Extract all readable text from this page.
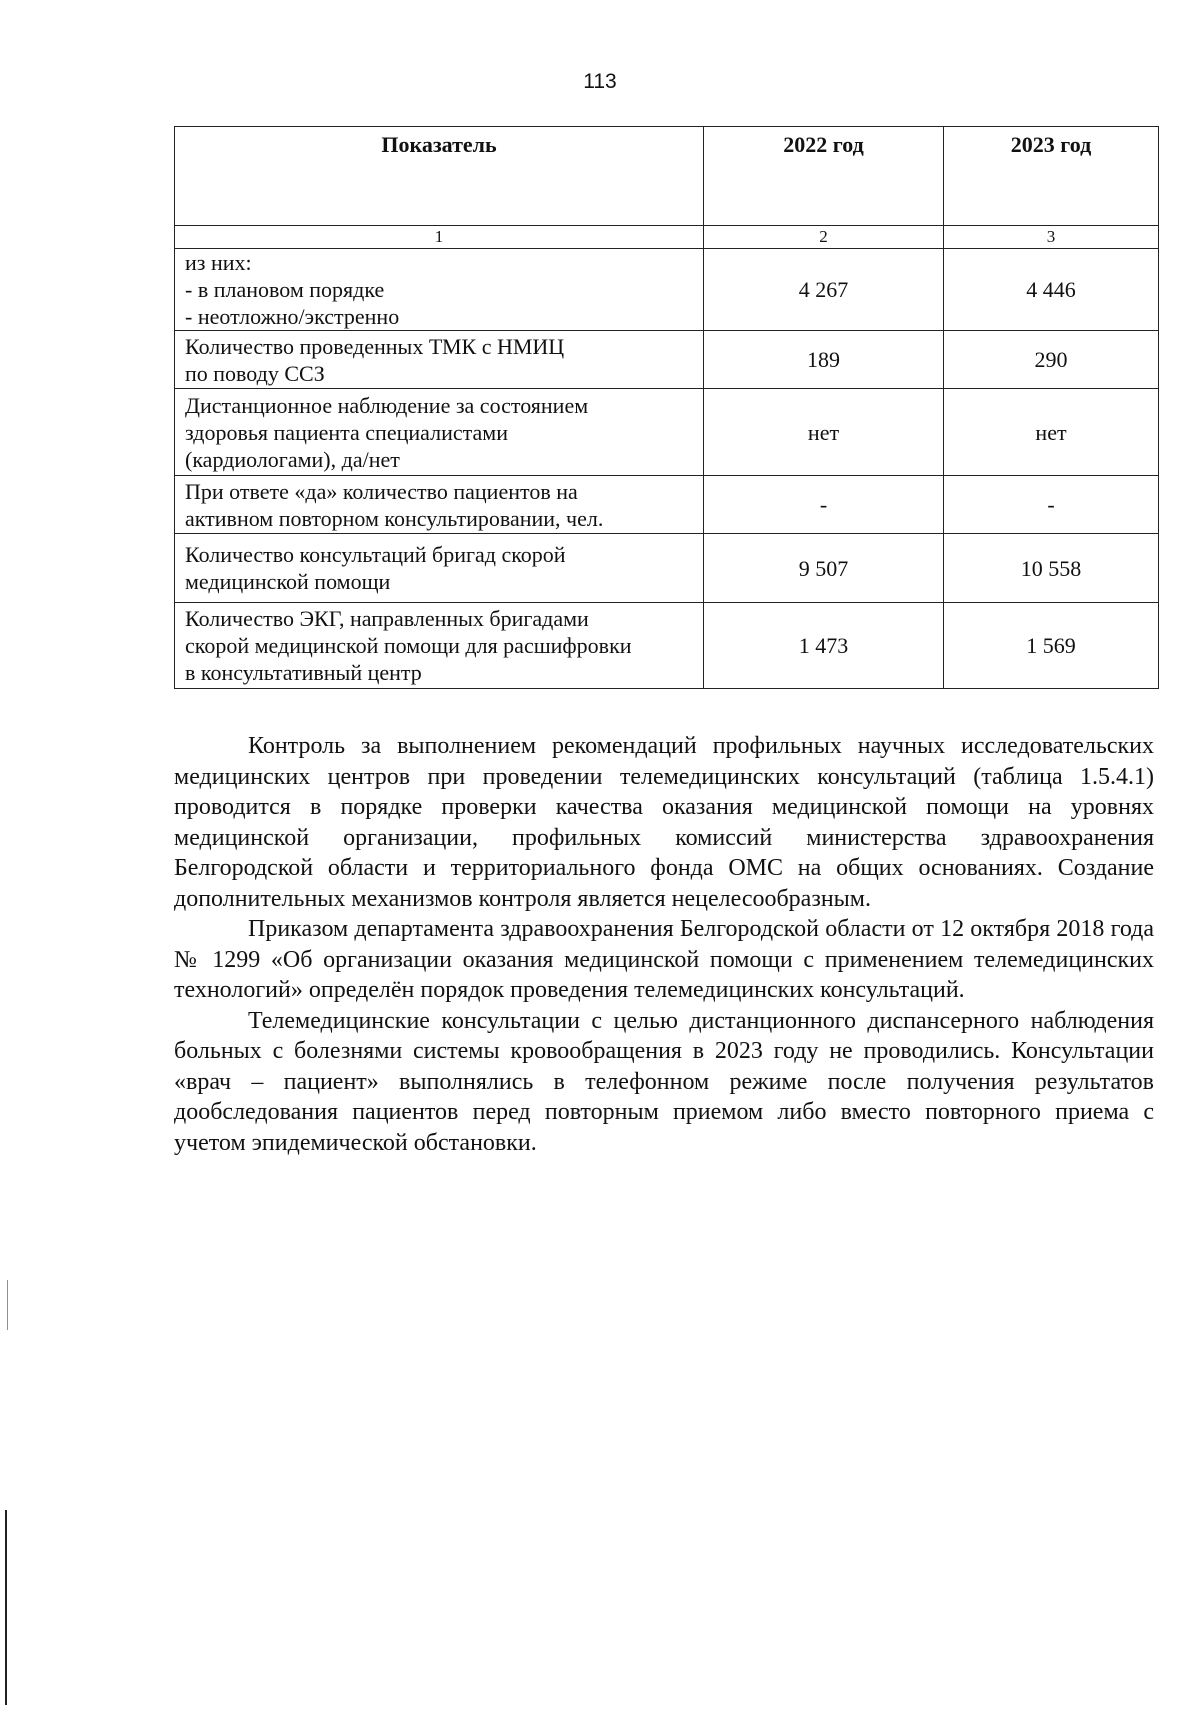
113
Показатель	2022 год	2023 год
1	2	3

из них:
- в плановом порядке
- неотложно/экстренно	4 267	4 446

Количество проведенных ТМК с НМИЦ
по поводу ССЗ	189	290

Дистанционное наблюдение за состоянием
здоровья пациента специалистами
(кардиологами), да/нет	нет	нет

При ответе «да» количество пациентов на
активном повторном консультировании, чел.	-	-

Количество консультаций бригад скорой
медицинской помощи	9 507	10 558

Количество ЭКГ, направленных бригадами
скорой медицинской помощи для расшифровки
в консультативный центр	1 473	1 569

Контроль за выполнением рекомендаций профильных научных исследовательских медицинских центров при проведении телемедицинских консультаций (таблица 1.5.4.1) проводится в порядке проверки качества оказания медицинской помощи на уровнях медицинской организации, профильных комиссий министерства здравоохранения Белгородской области и территориального фонда ОМС на общих основаниях. Создание дополнительных механизмов контроля является нецелесообразным.

Приказом департамента здравоохранения Белгородской области от 12 октября 2018 года № 1299 «Об организации оказания медицинской помощи с применением телемедицинских технологий» определён порядок проведения телемедицинских консультаций.

Телемедицинские консультации с целью дистанционного диспансерного наблюдения больных с болезнями системы кровообращения в 2023 году не проводились. Консультации «врач – пациент» выполнялись в телефонном режиме после получения результатов дообследования пациентов перед повторным приемом либо вместо повторного приема с учетом эпидемической обстановки.
